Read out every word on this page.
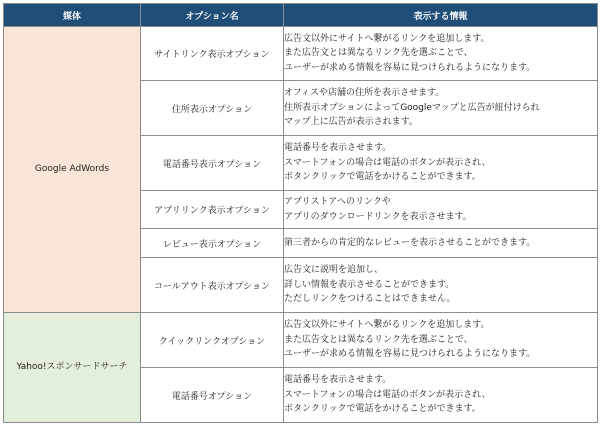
媒体	オプション名	表示する情報
Google AdWords	サイトリンク表示オプション	広告文以外にサイトへ繋がるリンクを追加します。
また広告文とは異なるリンク先を選ぶことで、
ユーザーが求める情報を容易に見つけられるようになります。

	住所表示オプション	オフィスや店舗の住所を表示させます。
住所表示オプションによってGoogleマップと広告が紐付けられ
マップ上に広告が表示されます。

	電話番号表示オプション	電話番号を表示させます。
スマートフォンの場合は電話のボタンが表示され、
ボタンクリックで電話をかけることができます。

	アプリリンク表示オプション	アプリストアへのリンクや
アプリのダウンロードリンクを表示させます。

	レビュー表示オプション	第三者からの肯定的なレビューを表示させることができます。

	コールアウト表示オプション	広告文に説明を追加し、
詳しい情報を表示させることができます。
ただしリンクをつけることはできません。

Yahoo!スポンサードサーチ	クイックリンクオプション	広告文以外にサイトへ繋がるリンクを追加します。
また広告文とは異なるリンク先を選ぶことで、
ユーザーが求める情報を容易に見つけられるようになります。

	電話番号オプション	電話番号を表示させます。
スマートフォンの場合は電話のボタンが表示され、
ボタンクリックで電話をかけることができます。
